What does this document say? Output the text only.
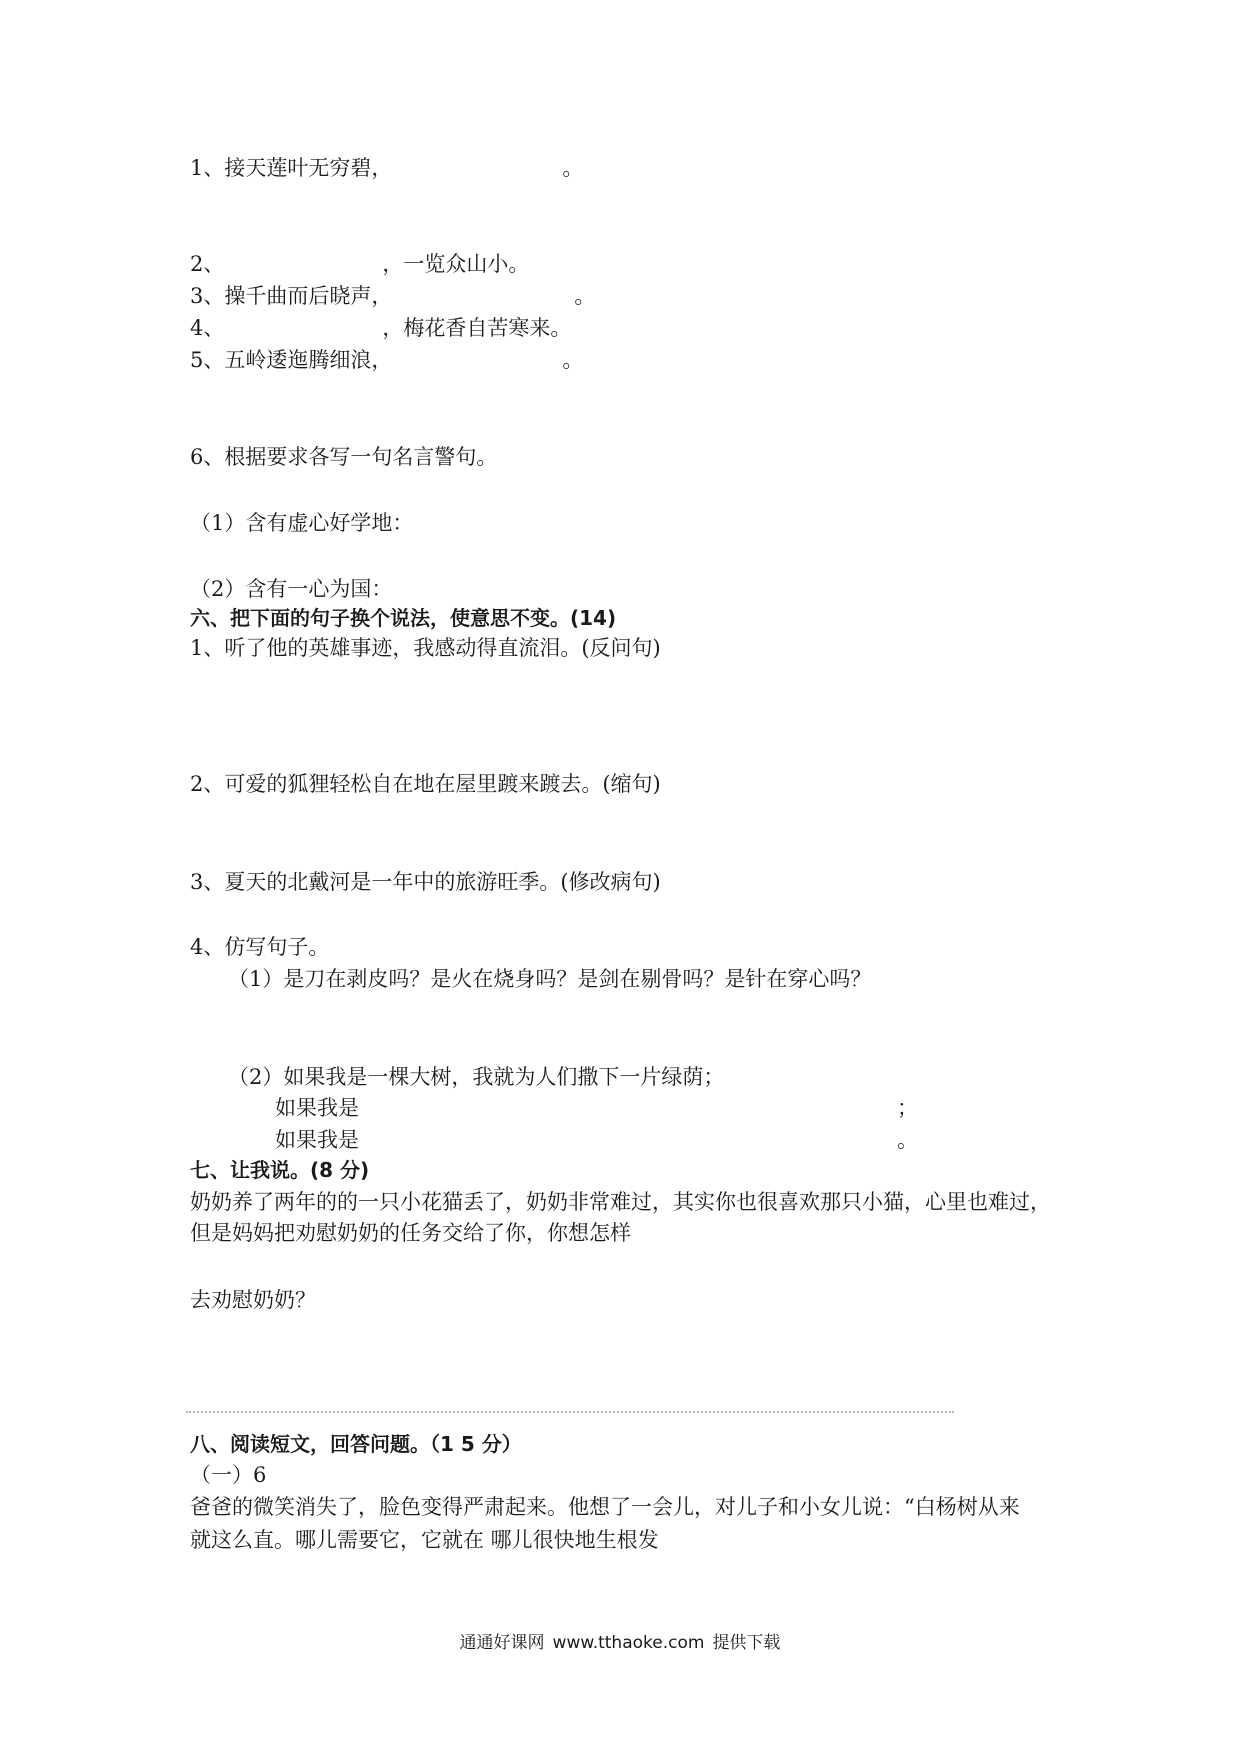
1、接天莲叶无穷碧，	。
2、	，一览众山小。
3、操千曲而后晓声，	。
4、	，梅花香自苦寒来。
5、五岭逶迤腾细浪，	。
6、根据要求各写一句名言警句。
（1）含有虚心好学地：
（2）含有一心为国：
六、把下面的句子换个说法，使意思不变。(14)
1、听了他的英雄事迹，我感动得直流泪。(反问句)
2、可爱的狐狸轻松自在地在屋里踱来踱去。(缩句)
3、夏天的北戴河是一年中的旅游旺季。(修改病句)
4、仿写句子。
（1）是刀在剥皮吗？是火在烧身吗？是剑在剔骨吗？是针在穿心吗？
（2）如果我是一棵大树，我就为人们撒下一片绿荫；
如果我是	；
如果我是	。
七、让我说。(8 分)
奶奶养了两年的的一只小花猫丢了，奶奶非常难过，其实你也很喜欢那只小猫，心里也难过，
但是妈妈把劝慰奶奶的任务交给了你，你想怎样
去劝慰奶奶？
八、阅读短文，回答问题。（1 5 分）
（一）6
爸爸的微笑消失了，脸色变得严肃起来。他想了一会儿，对儿子和小女儿说：“白杨树从来
就这么直。哪儿需要它，它就在 哪儿很快地生根发
通通好课网 www.tthaoke.com 提供下载
